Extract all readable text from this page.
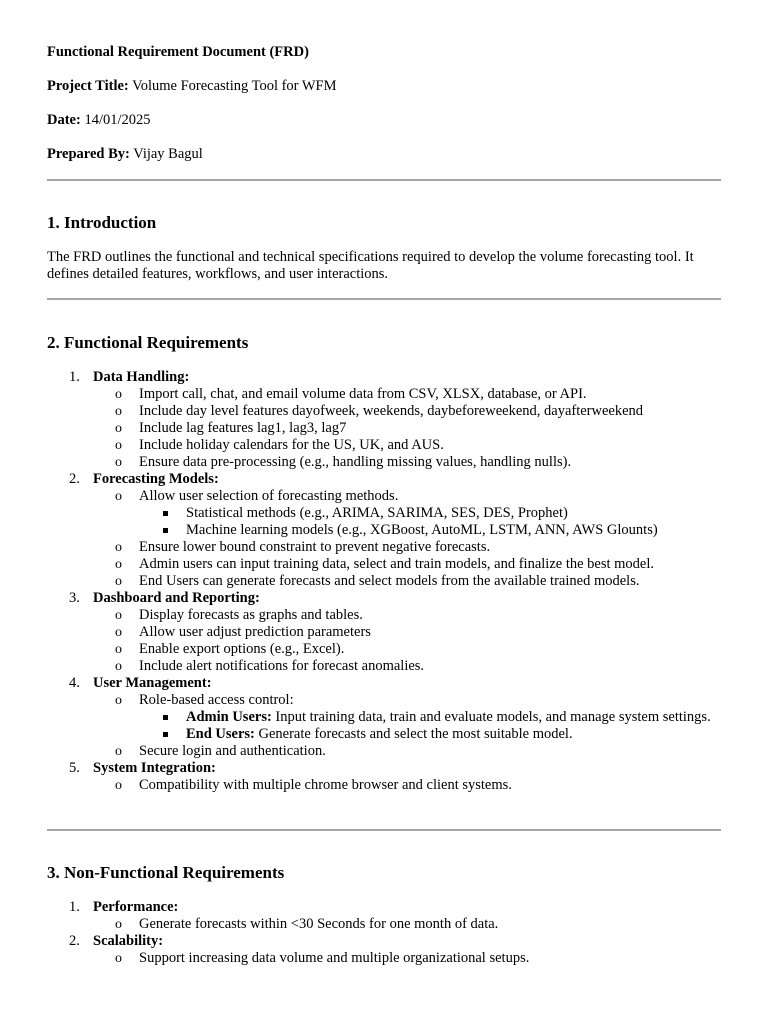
Functional Requirement Document (FRD)

Project Title: Volume Forecasting Tool for WFM

Date: 14/01/2025

Prepared By: Vijay Bagul

1. Introduction

The FRD outlines the functional and technical specifications required to develop the volume forecasting tool. It defines detailed features, workflows, and user interactions.

2. Functional Requirements
1. Data Handling:
o Import call, chat, and email volume data from CSV, XLSX, database, or API.
o Include day level features dayofweek, weekends, daybeforeweekend, dayafterweekend
o Include lag features lag1, lag3, lag7
o Include holiday calendars for the US, UK, and AUS.
o Ensure data pre-processing (e.g., handling missing values, handling nulls).
2. Forecasting Models:
o Allow user selection of forecasting methods.
Statistical methods (e.g., ARIMA, SARIMA, SES, DES, Prophet)
Machine learning models (e.g., XGBoost, AutoML, LSTM, ANN, AWS Glounts)
o Ensure lower bound constraint to prevent negative forecasts.
o Admin users can input training data, select and train models, and finalize the best model.
o End Users can generate forecasts and select models from the available trained models.
3. Dashboard and Reporting:
o Display forecasts as graphs and tables.
o Allow user adjust prediction parameters
o Enable export options (e.g., Excel).
o Include alert notifications for forecast anomalies.
4. User Management:
o Role-based access control:
Admin Users: Input training data, train and evaluate models, and manage system settings.
End Users: Generate forecasts and select the most suitable model.
o Secure login and authentication.
5. System Integration:
o Compatibility with multiple chrome browser and client systems.
3. Non-Functional Requirements
1. Performance:
o Generate forecasts within <30 Seconds for one month of data.
2. Scalability:
o Support increasing data volume and multiple organizational setups.
